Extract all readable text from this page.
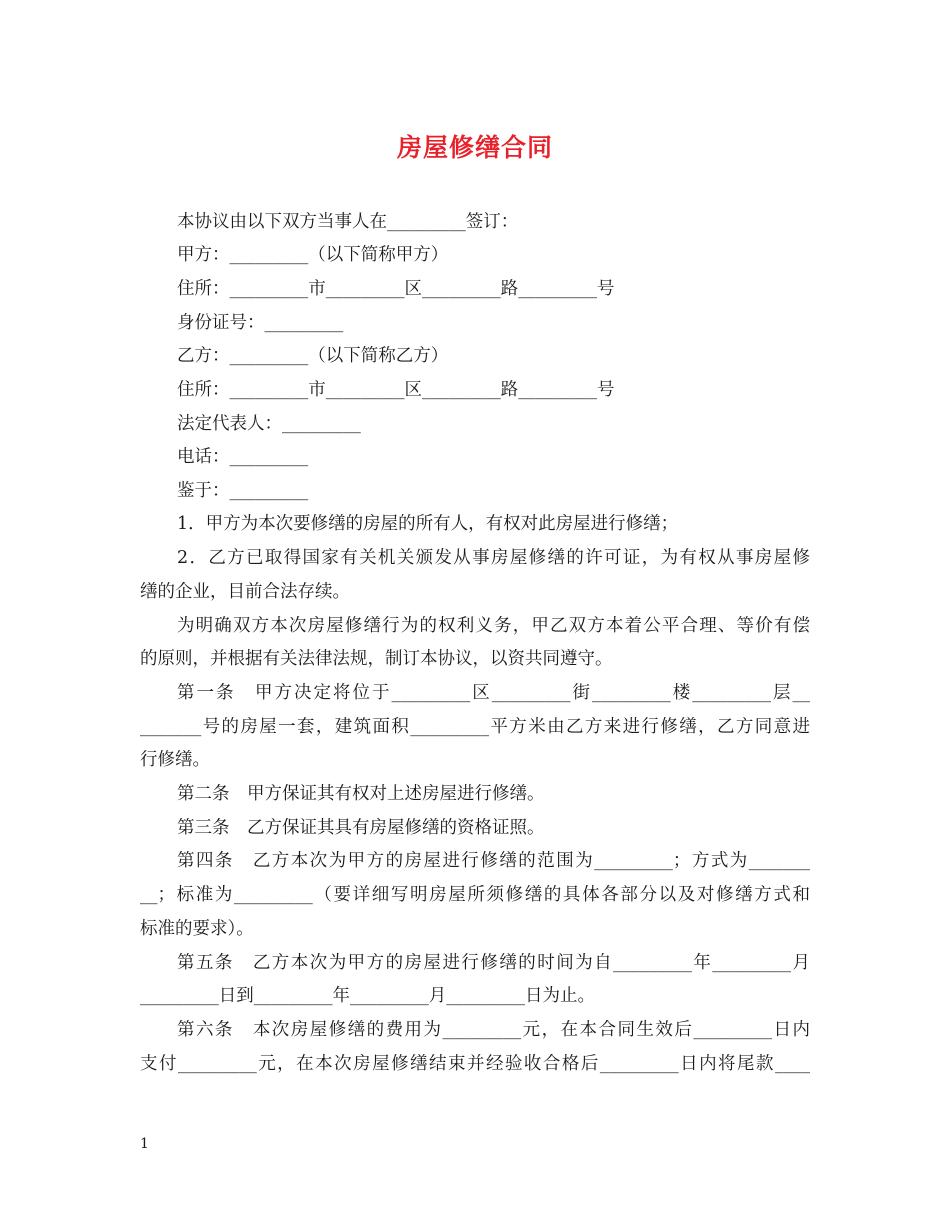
房屋修缮合同
本协议由以下双方当事人在_________签订：
甲方：_________（以下简称甲方）
住所：_________市_________区_________路_________号
身份证号：_________
乙方：_________（以下简称乙方）
住所：_________市_________区_________路_________号
法定代表人：_________
电话：_________
鉴于：_________
1．甲方为本次要修缮的房屋的所有人，有权对此房屋进行修缮；
2．乙方已取得国家有关机关颁发从事房屋修缮的许可证，为有权从事房屋修
缮的企业，目前合法存续。
为明确双方本次房屋修缮行为的权利义务，甲乙双方本着公平合理、等价有偿
的原则，并根据有关法律法规，制订本协议，以资共同遵守。
第一条　甲方决定将位于_________区_________街_________楼_________层__
_______号的房屋一套，建筑面积_________平方米由乙方来进行修缮，乙方同意进
行修缮。
第二条　甲方保证其有权对上述房屋进行修缮。
第三条　乙方保证其具有房屋修缮的资格证照。
第四条　乙方本次为甲方的房屋进行修缮的范围为_________；方式为_______
__；标准为_________（要详细写明房屋所须修缮的具体各部分以及对修缮方式和
标准的要求）。
第五条　乙方本次为甲方的房屋进行修缮的时间为自_________年_________月
_________日到_________年_________月_________日为止。
第六条　本次房屋修缮的费用为_________元，在本合同生效后_________日内
支付_________元，在本次房屋修缮结束并经验收合格后_________日内将尾款____
1
